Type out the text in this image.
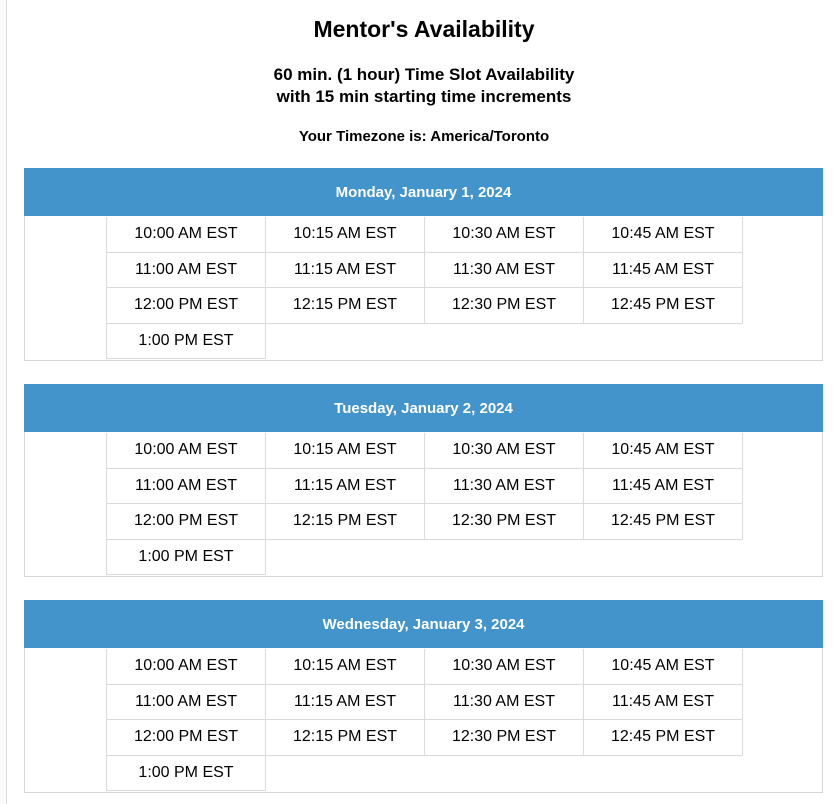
Mentor's Availability
60 min. (1 hour) Time Slot Availability
with 15 min starting time increments
Your Timezone is: America/Toronto
Monday, January 1, 2024
10:00 AM EST	10:15 AM EST	10:30 AM EST	10:45 AM EST
11:00 AM EST	11:15 AM EST	11:30 AM EST	11:45 AM EST
12:00 PM EST	12:15 PM EST	12:30 PM EST	12:45 PM EST
1:00 PM EST
Tuesday, January 2, 2024
10:00 AM EST	10:15 AM EST	10:30 AM EST	10:45 AM EST
11:00 AM EST	11:15 AM EST	11:30 AM EST	11:45 AM EST
12:00 PM EST	12:15 PM EST	12:30 PM EST	12:45 PM EST
1:00 PM EST
Wednesday, January 3, 2024
10:00 AM EST	10:15 AM EST	10:30 AM EST	10:45 AM EST
11:00 AM EST	11:15 AM EST	11:30 AM EST	11:45 AM EST
12:00 PM EST	12:15 PM EST	12:30 PM EST	12:45 PM EST
1:00 PM EST
